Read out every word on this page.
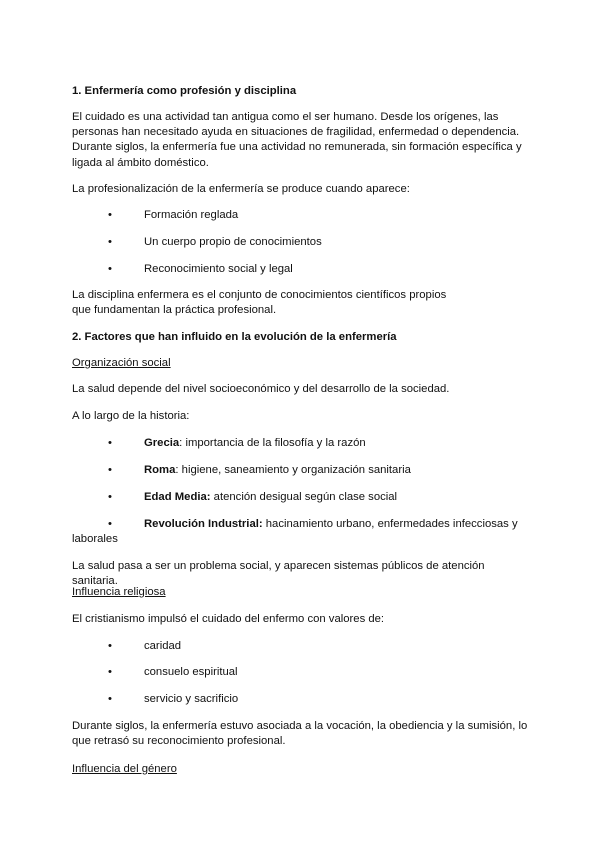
1. Enfermería como profesión y disciplina
El cuidado es una actividad tan antigua como el ser humano. Desde los orígenes, las personas han necesitado ayuda en situaciones de fragilidad, enfermedad o dependencia. Durante siglos, la enfermería fue una actividad no remunerada, sin formación específica y ligada al ámbito doméstico.
La profesionalización de la enfermería se produce cuando aparece:
•	Formación reglada
•	Un cuerpo propio de conocimientos
•	Reconocimiento social y legal
La disciplina enfermera es el conjunto de conocimientos científicos propios que fundamentan la práctica profesional.
2. Factores que han influido en la evolución de la enfermería
Organización social
La salud depende del nivel socioeconómico y del desarrollo de la sociedad.
A lo largo de la historia:
•	Grecia: importancia de la filosofía y la razón
•	Roma: higiene, saneamiento y organización sanitaria
•	Edad Media: atención desigual según clase social
•	Revolución Industrial: hacinamiento urbano, enfermedades infecciosas y laborales
La salud pasa a ser un problema social, y aparecen sistemas públicos de atención sanitaria.
Influencia religiosa
El cristianismo impulsó el cuidado del enfermo con valores de:
•	caridad
•	consuelo espiritual
•	servicio y sacrificio
Durante siglos, la enfermería estuvo asociada a la vocación, la obediencia y la sumisión, lo que retrasó su reconocimiento profesional.
Influencia del género
